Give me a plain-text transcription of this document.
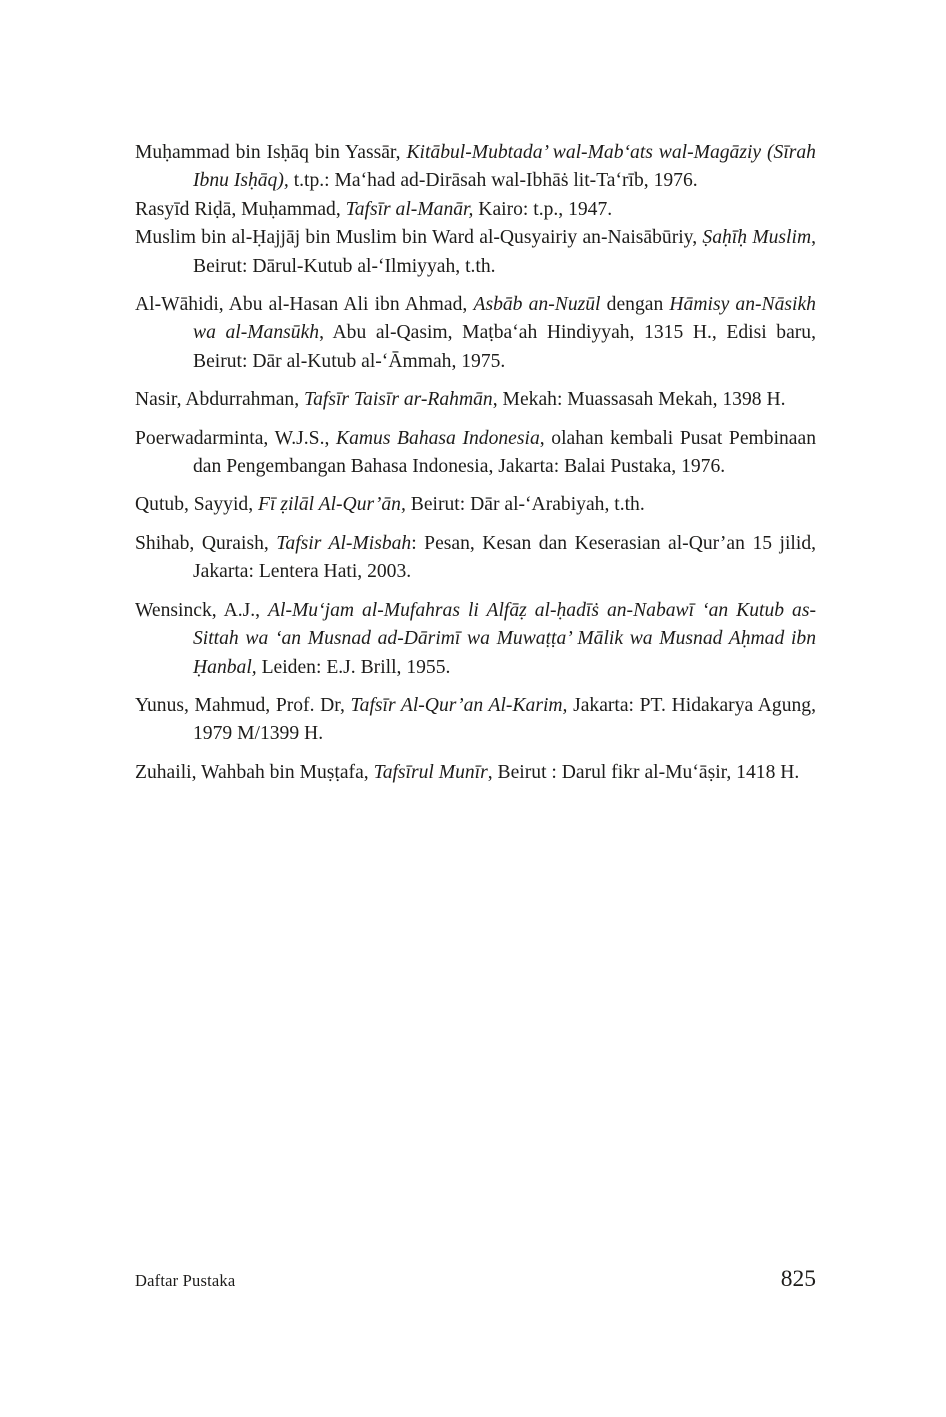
Muḥammad bin Isḥāq bin Yassār, Kitābul-Mubtada’ wal-Mab‘ats wal-Magāziy (Sīrah Ibnu Isḥāq), t.tp.: Ma‘had ad-Dirāsah wal-Ibhāṡ lit-Ta‘rīb, 1976.

Rasyīd Riḍā, Muḥammad, Tafsīr al-Manār, Kairo: t.p., 1947.

Muslim bin al-Ḥajjāj bin Muslim bin Ward al-Qusyairiy an-Naisābūriy, Ṣaḥīḥ Muslim, Beirut: Dārul-Kutub al-‘Ilmiyyah, t.th.

Al-Wāhidi, Abu al-Hasan Ali ibn Ahmad, Asbāb an-Nuzūl dengan Hāmisy an-Nāsikh wa al-Mansūkh, Abu al-Qasim, Maṭba‘ah Hindiyyah, 1315 H., Edisi baru, Beirut: Dār al-Kutub al-‘Āmmah, 1975.

Nasir, Abdurrahman, Tafsīr Taisīr ar-Rahmān, Mekah: Muassasah Mekah, 1398 H.

Poerwadarminta, W.J.S., Kamus Bahasa Indonesia, olahan kembali Pusat Pembinaan dan Pengembangan Bahasa Indonesia, Jakarta: Balai Pustaka, 1976.

Qutub, Sayyid, Fī ẓilāl Al-Qur’ān, Beirut: Dār al-‘Arabiyah, t.th.

Shihab, Quraish, Tafsir Al-Misbah: Pesan, Kesan dan Keserasian al-Qur’an 15 jilid, Jakarta: Lentera Hati, 2003.

Wensinck, A.J., Al-Mu‘jam al-Mufahras li Alfāẓ al-ḥadīṡ an-Nabawī ‘an Kutub as-Sittah wa ‘an Musnad ad-Dārimī wa Muwaṭṭa’ Mālik wa Musnad Aḥmad ibn Ḥanbal, Leiden: E.J. Brill, 1955.

Yunus, Mahmud, Prof. Dr, Tafsīr Al-Qur’an Al-Karim, Jakarta: PT. Hidakarya Agung, 1979 M/1399 H.

Zuhaili, Wahbah bin Muṣṭafa, Tafsīrul Munīr, Beirut : Darul fikr al-Mu‘āṣir, 1418 H.

Daftar Pustaka	825
